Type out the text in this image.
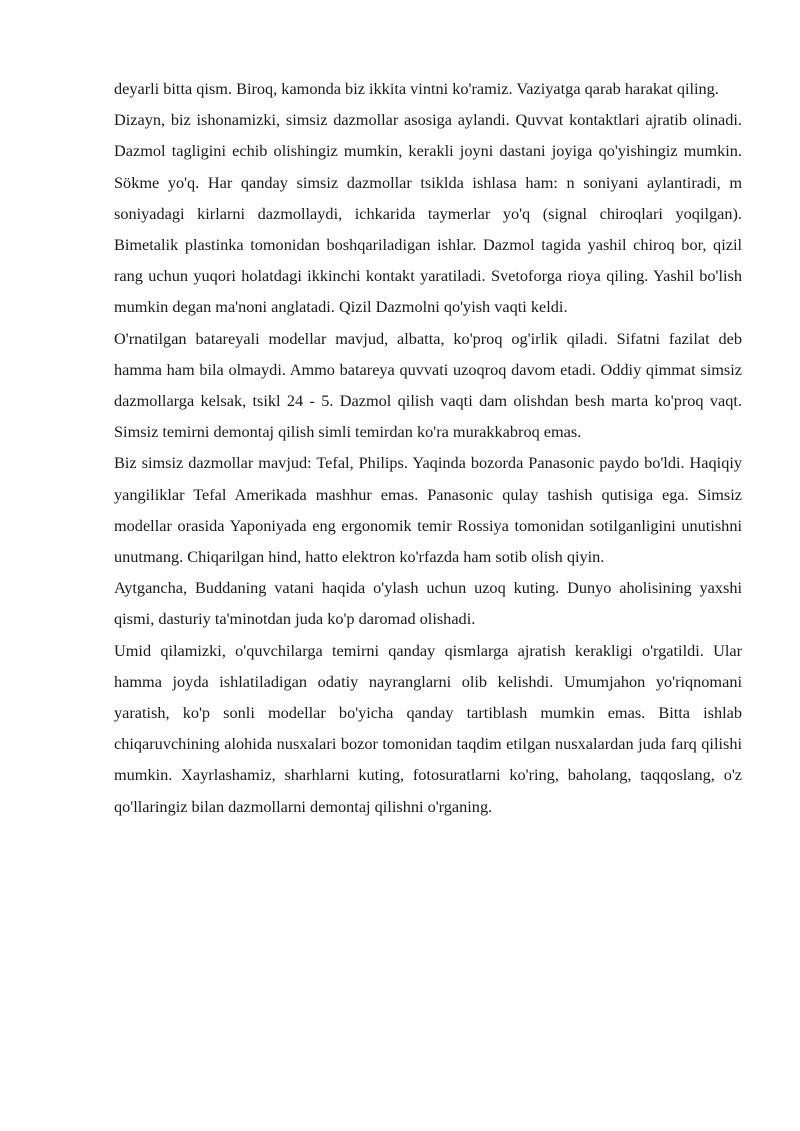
deyarli bitta qism. Biroq, kamonda biz ikkita vintni ko'ramiz. Vaziyatga qarab harakat qiling.

Dizayn, biz ishonamizki, simsiz dazmollar asosiga aylandi. Quvvat kontaktlari ajratib olinadi. Dazmol tagligini echib olishingiz mumkin, kerakli joyni dastani joyiga qo'yishingiz mumkin. Sökme yo'q. Har qanday simsiz dazmollar tsiklda ishlasa ham: n soniyani aylantiradi, m soniyadagi kirlarni dazmollaydi, ichkarida taymerlar yo'q (signal chiroqlari yoqilgan). Bimetalik plastinka tomonidan boshqariladigan ishlar. Dazmol tagida yashil chiroq bor, qizil rang uchun yuqori holatdagi ikkinchi kontakt yaratiladi. Svetoforga rioya qiling. Yashil bo'lish mumkin degan ma'noni anglatadi. Qizil Dazmolni qo'yish vaqti keldi.

O'rnatilgan batareyali modellar mavjud, albatta, ko'proq og'irlik qiladi. Sifatni fazilat deb hamma ham bila olmaydi. Ammo batareya quvvati uzoqroq davom etadi. Oddiy qimmat simsiz dazmollarga kelsak, tsikl 24 - 5. Dazmol qilish vaqti dam olishdan besh marta ko'proq vaqt. Simsiz temirni demontaj qilish simli temirdan ko'ra murakkabroq emas.

Biz simsiz dazmollar mavjud: Tefal, Philips. Yaqinda bozorda Panasonic paydo bo'ldi. Haqiqiy yangiliklar Tefal Amerikada mashhur emas. Panasonic qulay tashish qutisiga ega. Simsiz modellar orasida Yaponiyada eng ergonomik temir Rossiya tomonidan sotilganligini unutishni unutmang. Chiqarilgan hind, hatto elektron ko'rfazda ham sotib olish qiyin.

Aytgancha, Buddaning vatani haqida o'ylash uchun uzoq kuting. Dunyo aholisining yaxshi qismi, dasturiy ta'minotdan juda ko'p daromad olishadi.

Umid qilamizki, o'quvchilarga temirni qanday qismlarga ajratish kerakligi o'rgatildi. Ular hamma joyda ishlatiladigan odatiy nayranglarni olib kelishdi. Umumjahon yo'riqnomani yaratish, ko'p sonli modellar bo'yicha qanday tartiblash mumkin emas. Bitta ishlab chiqaruvchining alohida nusxalari bozor tomonidan taqdim etilgan nusxalardan juda farq qilishi mumkin. Xayrlashamiz, sharhlarni kuting, fotosuratlarni ko'ring, baholang, taqqoslang, o'z qo'llaringiz bilan dazmollarni demontaj qilishni o'rganing.
